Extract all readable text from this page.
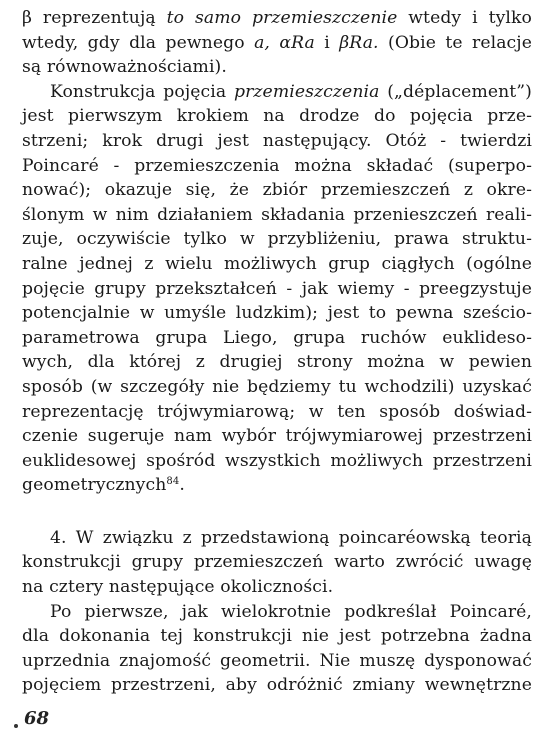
β reprezentują to samo przemieszczenie wtedy i tylko
wtedy, gdy dla pewnego a, αRa i βRa. (Obie te relacje
są równoważnościami).
Konstrukcja pojęcia przemieszczenia („déplacement”)
jest pierwszym krokiem na drodze do pojęcia prze-
strzeni; krok drugi jest następujący. Otóż - twierdzi
Poincaré - przemieszczenia można składać (superpo-
nować); okazuje się, że zbiór przemieszczeń z okre-
ślonym w nim działaniem składania przenieszczeń reali-
zuje, oczywiście tylko w przybliżeniu, prawa struktu-
ralne jednej z wielu możliwych grup ciągłych (ogólne
pojęcie grupy przekształceń - jak wiemy - preegzystuje
potencjalnie w umyśle ludzkim); jest to pewna sześcio-
parametrowa grupa Liego, grupa ruchów euklideso-
wych, dla której z drugiej strony można w pewien
sposób (w szczegóły nie będziemy tu wchodzili) uzyskać
reprezentację trójwymiarową; w ten sposób doświad-
czenie sugeruje nam wybór trójwymiarowej przestrzeni
euklidesowej spośród wszystkich możliwych przestrzeni
geometrycznych$^{84}$.
4. W związku z przedstawioną poincaréowską teorią
konstrukcji grupy przemieszczeń warto zwrócić uwagę
na cztery następujące okoliczności.
Po pierwsze, jak wielokrotnie podkreślał Poincaré,
dla dokonania tej konstrukcji nie jest potrzebna żadna
uprzednia znajomość geometrii. Nie muszę dysponować
pojęciem przestrzeni, aby odróżnić zmiany wewnętrzne
68
